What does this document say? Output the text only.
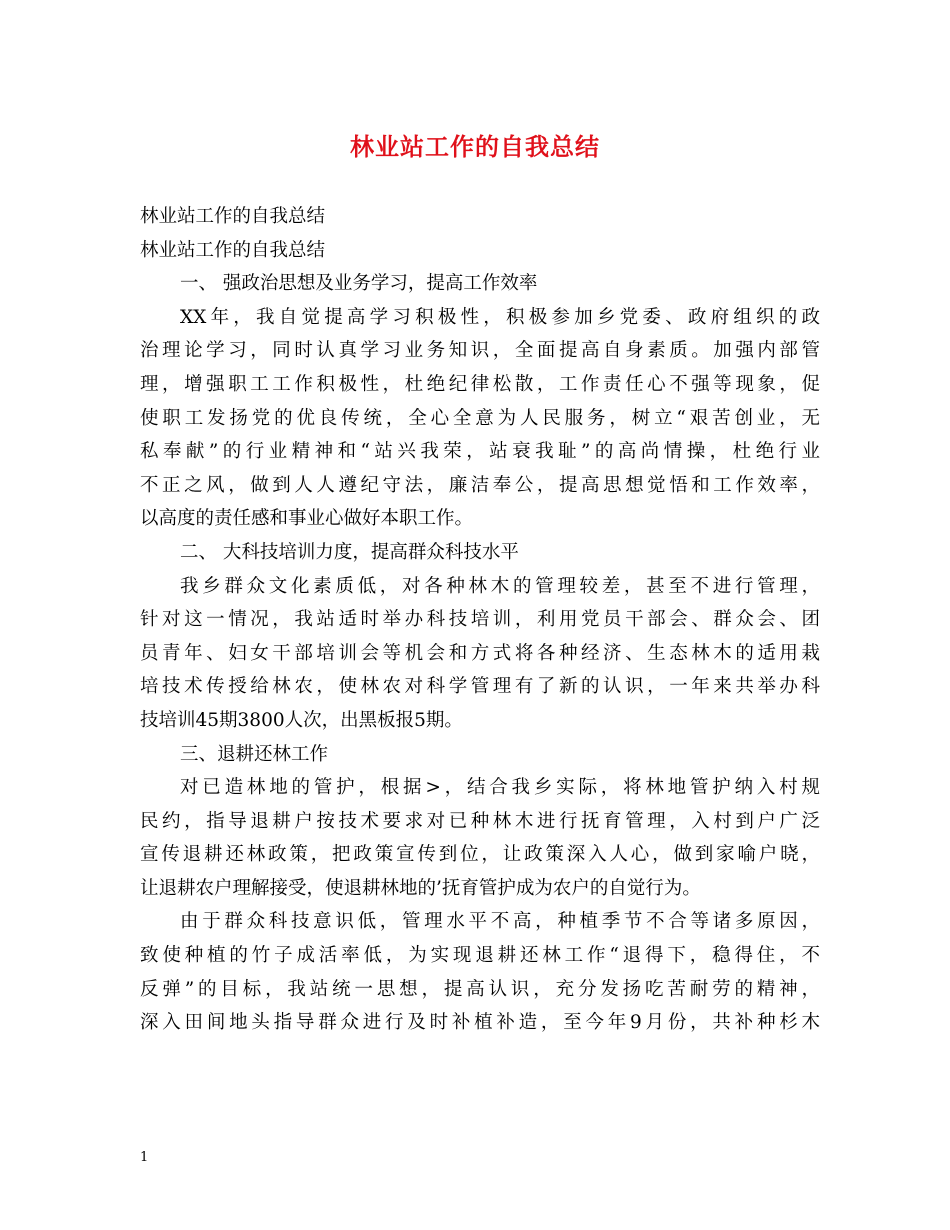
林业站工作的自我总结
林业站工作的自我总结
林业站工作的自我总结
一、 强政治思想及业务学习，提高工作效率
XX年，我自觉提高学习积极性，积极参加乡党委、政府组织的政
治理论学习，同时认真学习业务知识，全面提高自身素质。加强内部管
理，增强职工工作积极性，杜绝纪律松散，工作责任心不强等现象，促
使职工发扬党的优良传统，全心全意为人民服务，树立“艰苦创业，无
私奉献”的行业精神和“站兴我荣，站衰我耻”的高尚情操，杜绝行业
不正之风，做到人人遵纪守法，廉洁奉公，提高思想觉悟和工作效率，
以高度的责任感和事业心做好本职工作。
二、 大科技培训力度，提高群众科技水平
我乡群众文化素质低，对各种林木的管理较差，甚至不进行管理，
针对这一情况，我站适时举办科技培训，利用党员干部会、群众会、团
员青年、妇女干部培训会等机会和方式将各种经济、生态林木的适用栽
培技术传授给林农，使林农对科学管理有了新的认识，一年来共举办科
技培训45期3800人次，出黑板报5期。
三、退耕还林工作
对已造林地的管护，根据>，结合我乡实际，将林地管护纳入村规
民约，指导退耕户按技术要求对已种林木进行抚育管理，入村到户广泛
宣传退耕还林政策，把政策宣传到位，让政策深入人心，做到家喻户晓，
让退耕农户理解接受，使退耕林地的’抚育管护成为农户的自觉行为。
由于群众科技意识低，管理水平不高，种植季节不合等诸多原因，
致使种植的竹子成活率低，为实现退耕还林工作“退得下，稳得住，不
反弹”的目标，我站统一思想，提高认识，充分发扬吃苦耐劳的精神，
深入田间地头指导群众进行及时补植补造，至今年9月份，共补种杉木
1
